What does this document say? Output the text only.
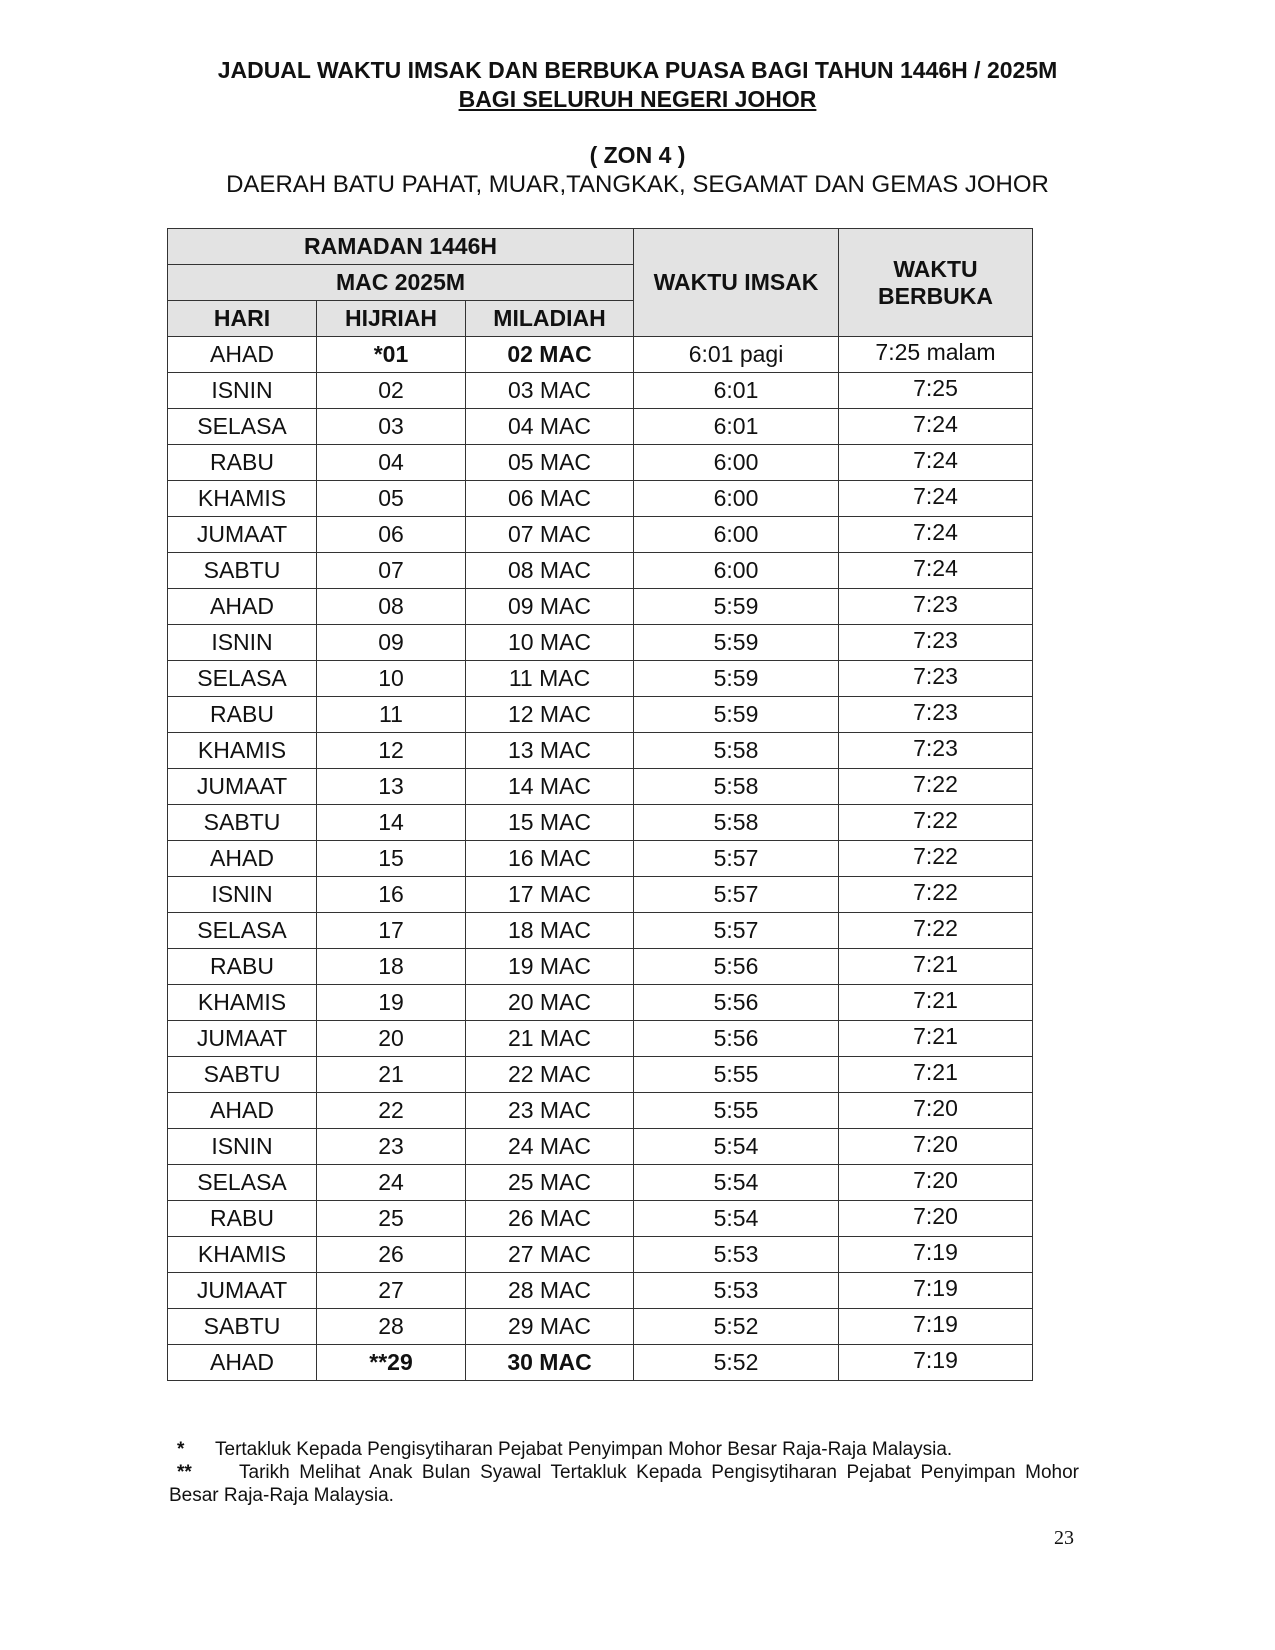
JADUAL WAKTU IMSAK DAN BERBUKA PUASA BAGI TAHUN 1446H / 2025M
BAGI SELURUH NEGERI JOHOR
( ZON 4 )
DAERAH BATU PAHAT, MUAR,TANGKAK, SEGAMAT DAN GEMAS JOHOR
RAMADAN 1446H			WAKTU IMSAK	WAKTU BERBUKA
MAC 2025M				
HARI	HIJRIAH	MILADIAH		
AHAD	*01	02 MAC	6:01 pagi	7:25 malam
ISNIN	02	03 MAC	6:01	7:25
SELASA	03	04 MAC	6:01	7:24
RABU	04	05 MAC	6:00	7:24
KHAMIS	05	06 MAC	6:00	7:24
JUMAAT	06	07 MAC	6:00	7:24
SABTU	07	08 MAC	6:00	7:24
AHAD	08	09 MAC	5:59	7:23
ISNIN	09	10 MAC	5:59	7:23
SELASA	10	11 MAC	5:59	7:23
RABU	11	12 MAC	5:59	7:23
KHAMIS	12	13 MAC	5:58	7:23
JUMAAT	13	14 MAC	5:58	7:22
SABTU	14	15 MAC	5:58	7:22
AHAD	15	16 MAC	5:57	7:22
ISNIN	16	17 MAC	5:57	7:22
SELASA	17	18 MAC	5:57	7:22
RABU	18	19 MAC	5:56	7:21
KHAMIS	19	20 MAC	5:56	7:21
JUMAAT	20	21 MAC	5:56	7:21
SABTU	21	22 MAC	5:55	7:21
AHAD	22	23 MAC	5:55	7:20
ISNIN	23	24 MAC	5:54	7:20
SELASA	24	25 MAC	5:54	7:20
RABU	25	26 MAC	5:54	7:20
KHAMIS	26	27 MAC	5:53	7:19
JUMAAT	27	28 MAC	5:53	7:19
SABTU	28	29 MAC	5:52	7:19
AHAD	**29	30 MAC	5:52	7:19
* Tertakluk Kepada Pengisytiharan Pejabat Penyimpan Mohor Besar Raja-Raja Malaysia.
** Tarikh Melihat Anak Bulan Syawal Tertakluk Kepada Pengisytiharan Pejabat Penyimpan Mohor Besar Raja-Raja Malaysia.
23
